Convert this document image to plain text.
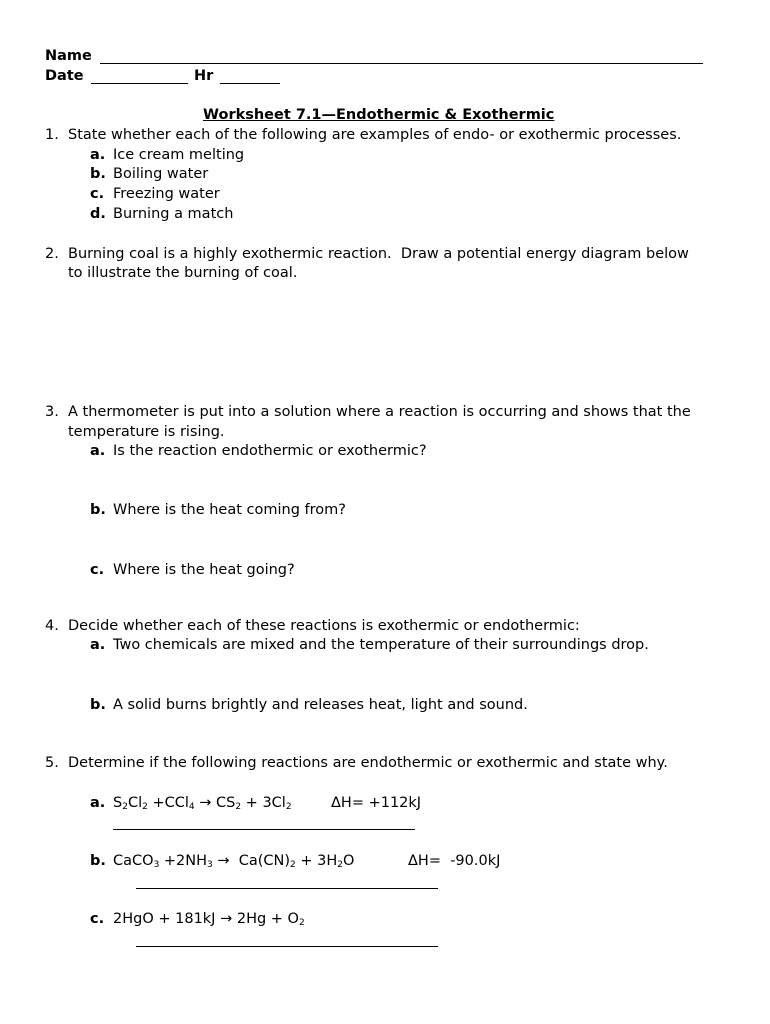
Name
Date	Hr
Worksheet 7.1—Endothermic & Exothermic
1. State whether each of the following are examples of endo- or exothermic processes.
a. Ice cream melting
b. Boiling water
c. Freezing water
d. Burning a match
2. Burning coal is a highly exothermic reaction.  Draw a potential energy diagram below
to illustrate the burning of coal.
3. A thermometer is put into a solution where a reaction is occurring and shows that the
temperature is rising.
a. Is the reaction endothermic or exothermic?
b. Where is the heat coming from?
c. Where is the heat going?
4. Decide whether each of these reactions is exothermic or endothermic:
a. Two chemicals are mixed and the temperature of their surroundings drop.
b. A solid burns brightly and releases heat, light and sound.
5. Determine if the following reactions are endothermic or exothermic and state why.
a. $S_2Cl_2 +CCl_4 \to CS_2 + 3Cl_2$	ΔH= +112kJ
b. CaCO$_3$ $+2NH_3 \to Ca(CN)_2 + 3H_2O$	ΔH=  -90.0kJ
c. $2HgO + 181kJ \to 2Hg + O_2$
